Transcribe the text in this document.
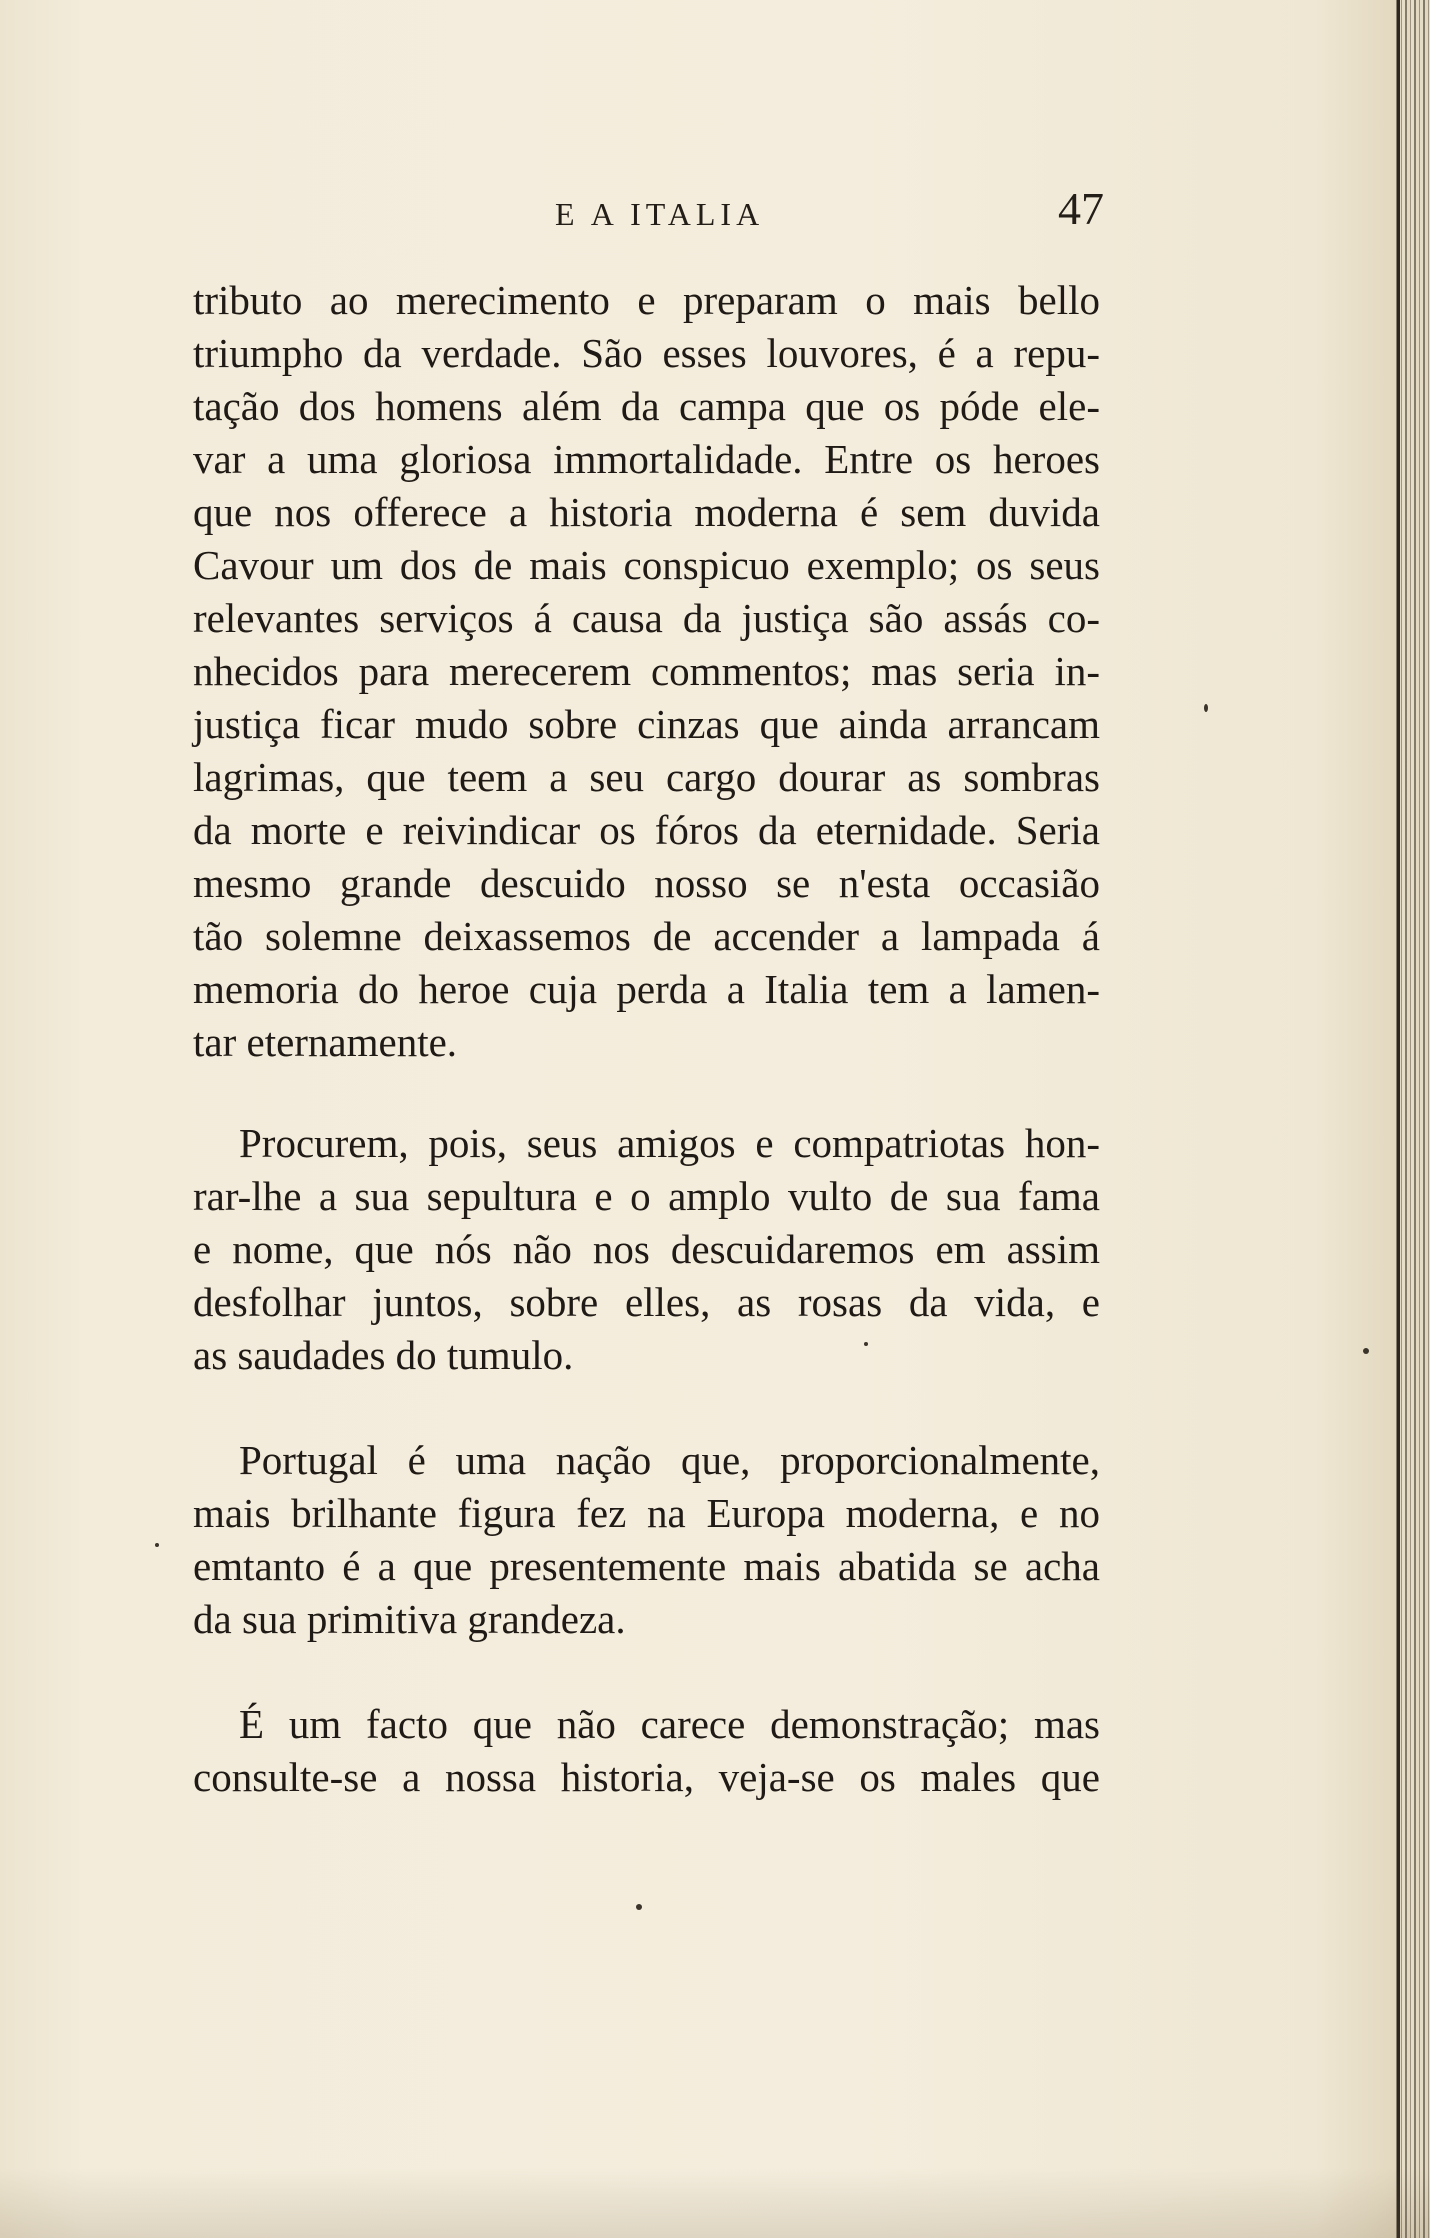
E A ITALIA	47
tributo ao merecimento e preparam o mais bello
triumpho da verdade. São esses louvores, é a repu-
tação dos homens além da campa que os póde ele-
var a uma gloriosa immortalidade. Entre os heroes
que nos offerece a historia moderna é sem duvida
Cavour um dos de mais conspicuo exemplo; os seus
relevantes serviços á causa da justiça são assás co-
nhecidos para merecerem commentos; mas seria in-
justiça ficar mudo sobre cinzas que ainda arrancam
lagrimas, que teem a seu cargo dourar as sombras
da morte e reivindicar os fóros da eternidade. Seria
mesmo grande descuido nosso se n'esta occasião
tão solemne deixassemos de accender a lampada á
memoria do heroe cuja perda a Italia tem a lamen-
tar eternamente.
Procurem, pois, seus amigos e compatriotas hon-
rar-lhe a sua sepultura e o amplo vulto de sua fama
e nome, que nós não nos descuidaremos em assim
desfolhar juntos, sobre elles, as rosas da vida, e
as saudades do tumulo.
Portugal é uma nação que, proporcionalmente,
mais brilhante figura fez na Europa moderna, e no
emtanto é a que presentemente mais abatida se acha
da sua primitiva grandeza.
É um facto que não carece demonstração; mas
consulte-se a nossa historia, veja-se os males que
